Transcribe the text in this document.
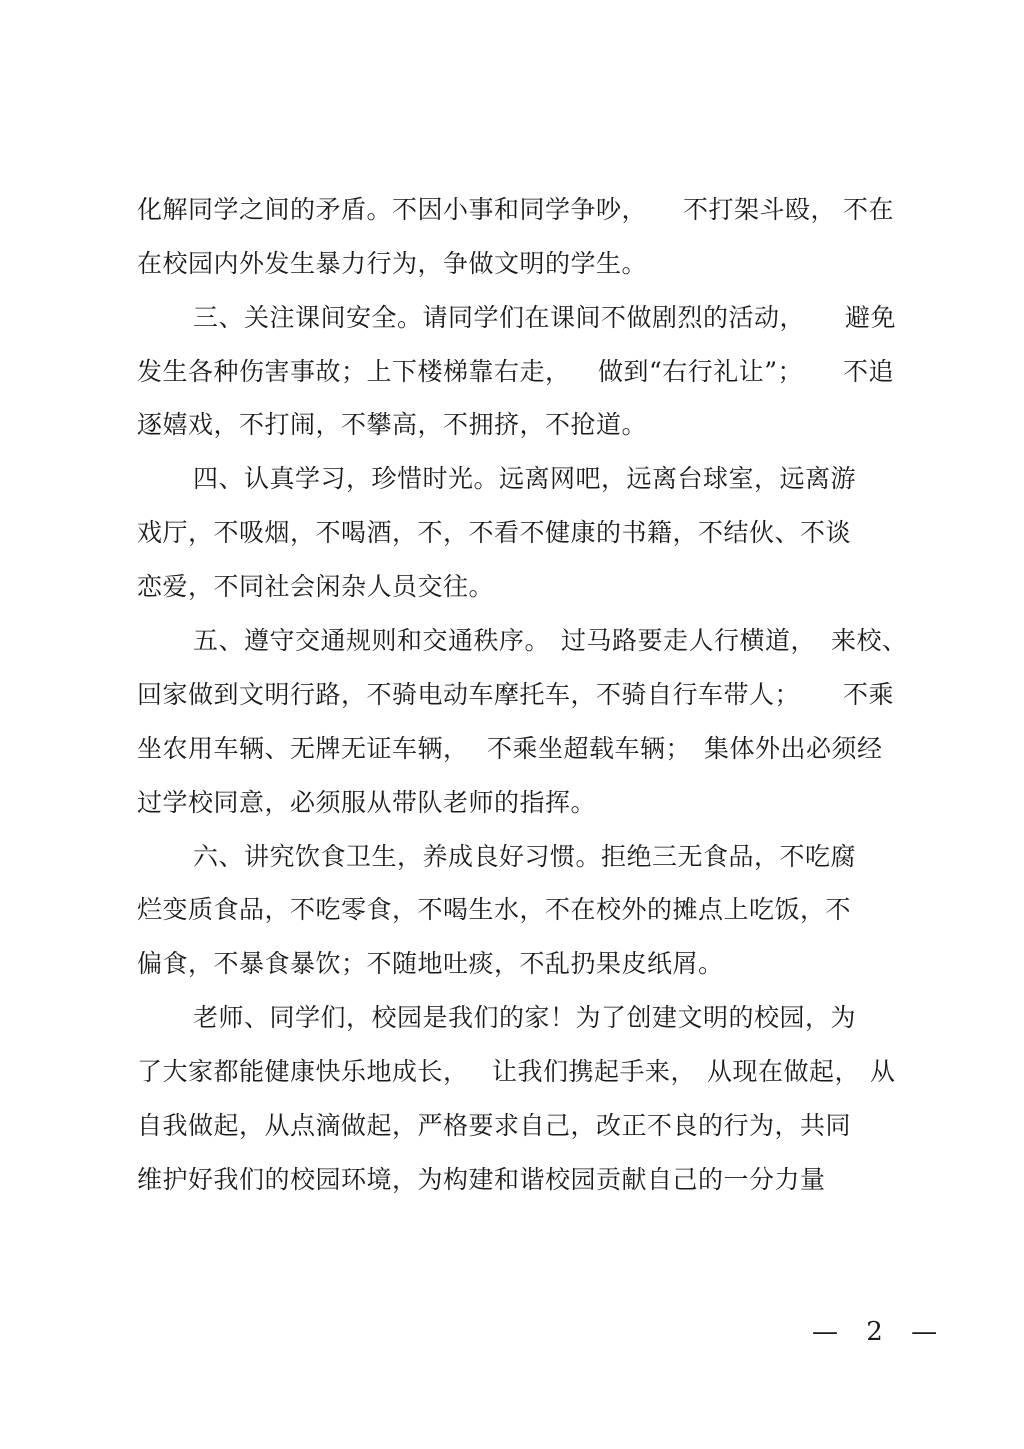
化解同学之间的矛盾。不因小事和同学争吵， 不打架斗殴， 不在
在校园内外发生暴力行为，争做文明的学生。
三、关注课间安全。请同学们在课间不做剧烈的活动， 避免
发生各种伤害事故；上下楼梯靠右走， 做到“右行礼让”； 不追
逐嬉戏，不打闹，不攀高，不拥挤，不抢道。
四、认真学习，珍惜时光。远离网吧，远离台球室，远离游
戏厅，不吸烟，不喝酒，不，不看不健康的书籍，不结伙、不谈
恋爱，不同社会闲杂人员交往。
五、遵守交通规则和交通秩序。 过马路要走人行横道， 来校、
回家做到文明行路，不骑电动车摩托车，不骑自行车带人； 不乘
坐农用车辆、无牌无证车辆， 不乘坐超载车辆； 集体外出必须经
过学校同意，必须服从带队老师的指挥。
六、讲究饮食卫生，养成良好习惯。拒绝三无食品，不吃腐
烂变质食品，不吃零食，不喝生水，不在校外的摊点上吃饭，不
偏食，不暴食暴饮；不随地吐痰，不乱扔果皮纸屑。
老师、同学们，校园是我们的家！为了创建文明的校园，为
了大家都能健康快乐地成长， 让我们携起手来， 从现在做起， 从
自我做起，从点滴做起，严格要求自己，改正不良的行为，共同
维护好我们的校园环境，为构建和谐校园贡献自己的一分力量
— 2 —
